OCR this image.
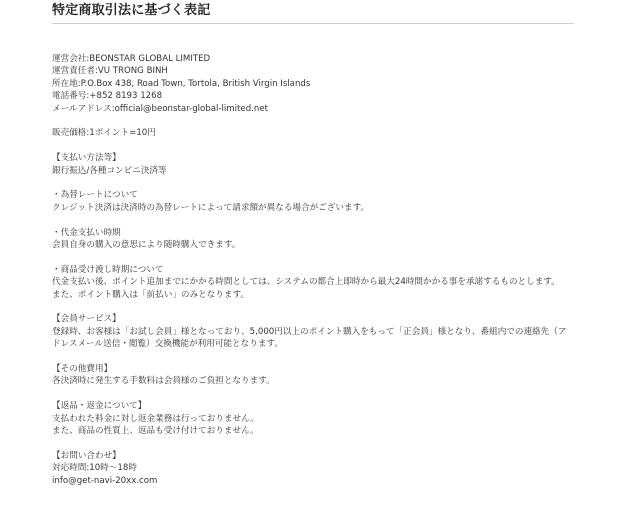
特定商取引法に基づく表記
運営会社:BEONSTAR GLOBAL LIMITED
運営責任者:VU TRONG BINH
所在地:P.O.Box 438, Road Town, Tortola, British Virgin Islands
電話番号:+852 8193 1268
メールアドレス:official@beonstar-global-limited.net
販売価格:1ポイント=10円
【支払い方法等】
銀行振込/各種コンビニ決済等
・為替レートについて
クレジット決済は決済時の為替レートによって請求額が異なる場合がございます。
・代金支払い時期
会員自身の購入の意思により随時購入できます。
・商品受け渡し時期について
代金支払い後、ポイント追加までにかかる時間としては、システムの都合上即時から最大24時間かかる事を承諾するものとします。
また、ポイント購入は「前払い」のみとなります。
【会員サービス】
登録時、お客様は「お試し会員」様となっており、5,000円以上のポイント購入をもって「正会員」様となり、番組内での連絡先（アドレスメール送信・閲覧）交換機能が利用可能となります。
【その他費用】
各決済時に発生する手数料は会員様のご負担となります。
【返品・返金について】
支払われた料金に対し返金業務は行っておりません。
また、商品の性質上、返品も受け付けておりません。
【お問い合わせ】
対応時間:10時～18時
info@get-navi-20xx.com
